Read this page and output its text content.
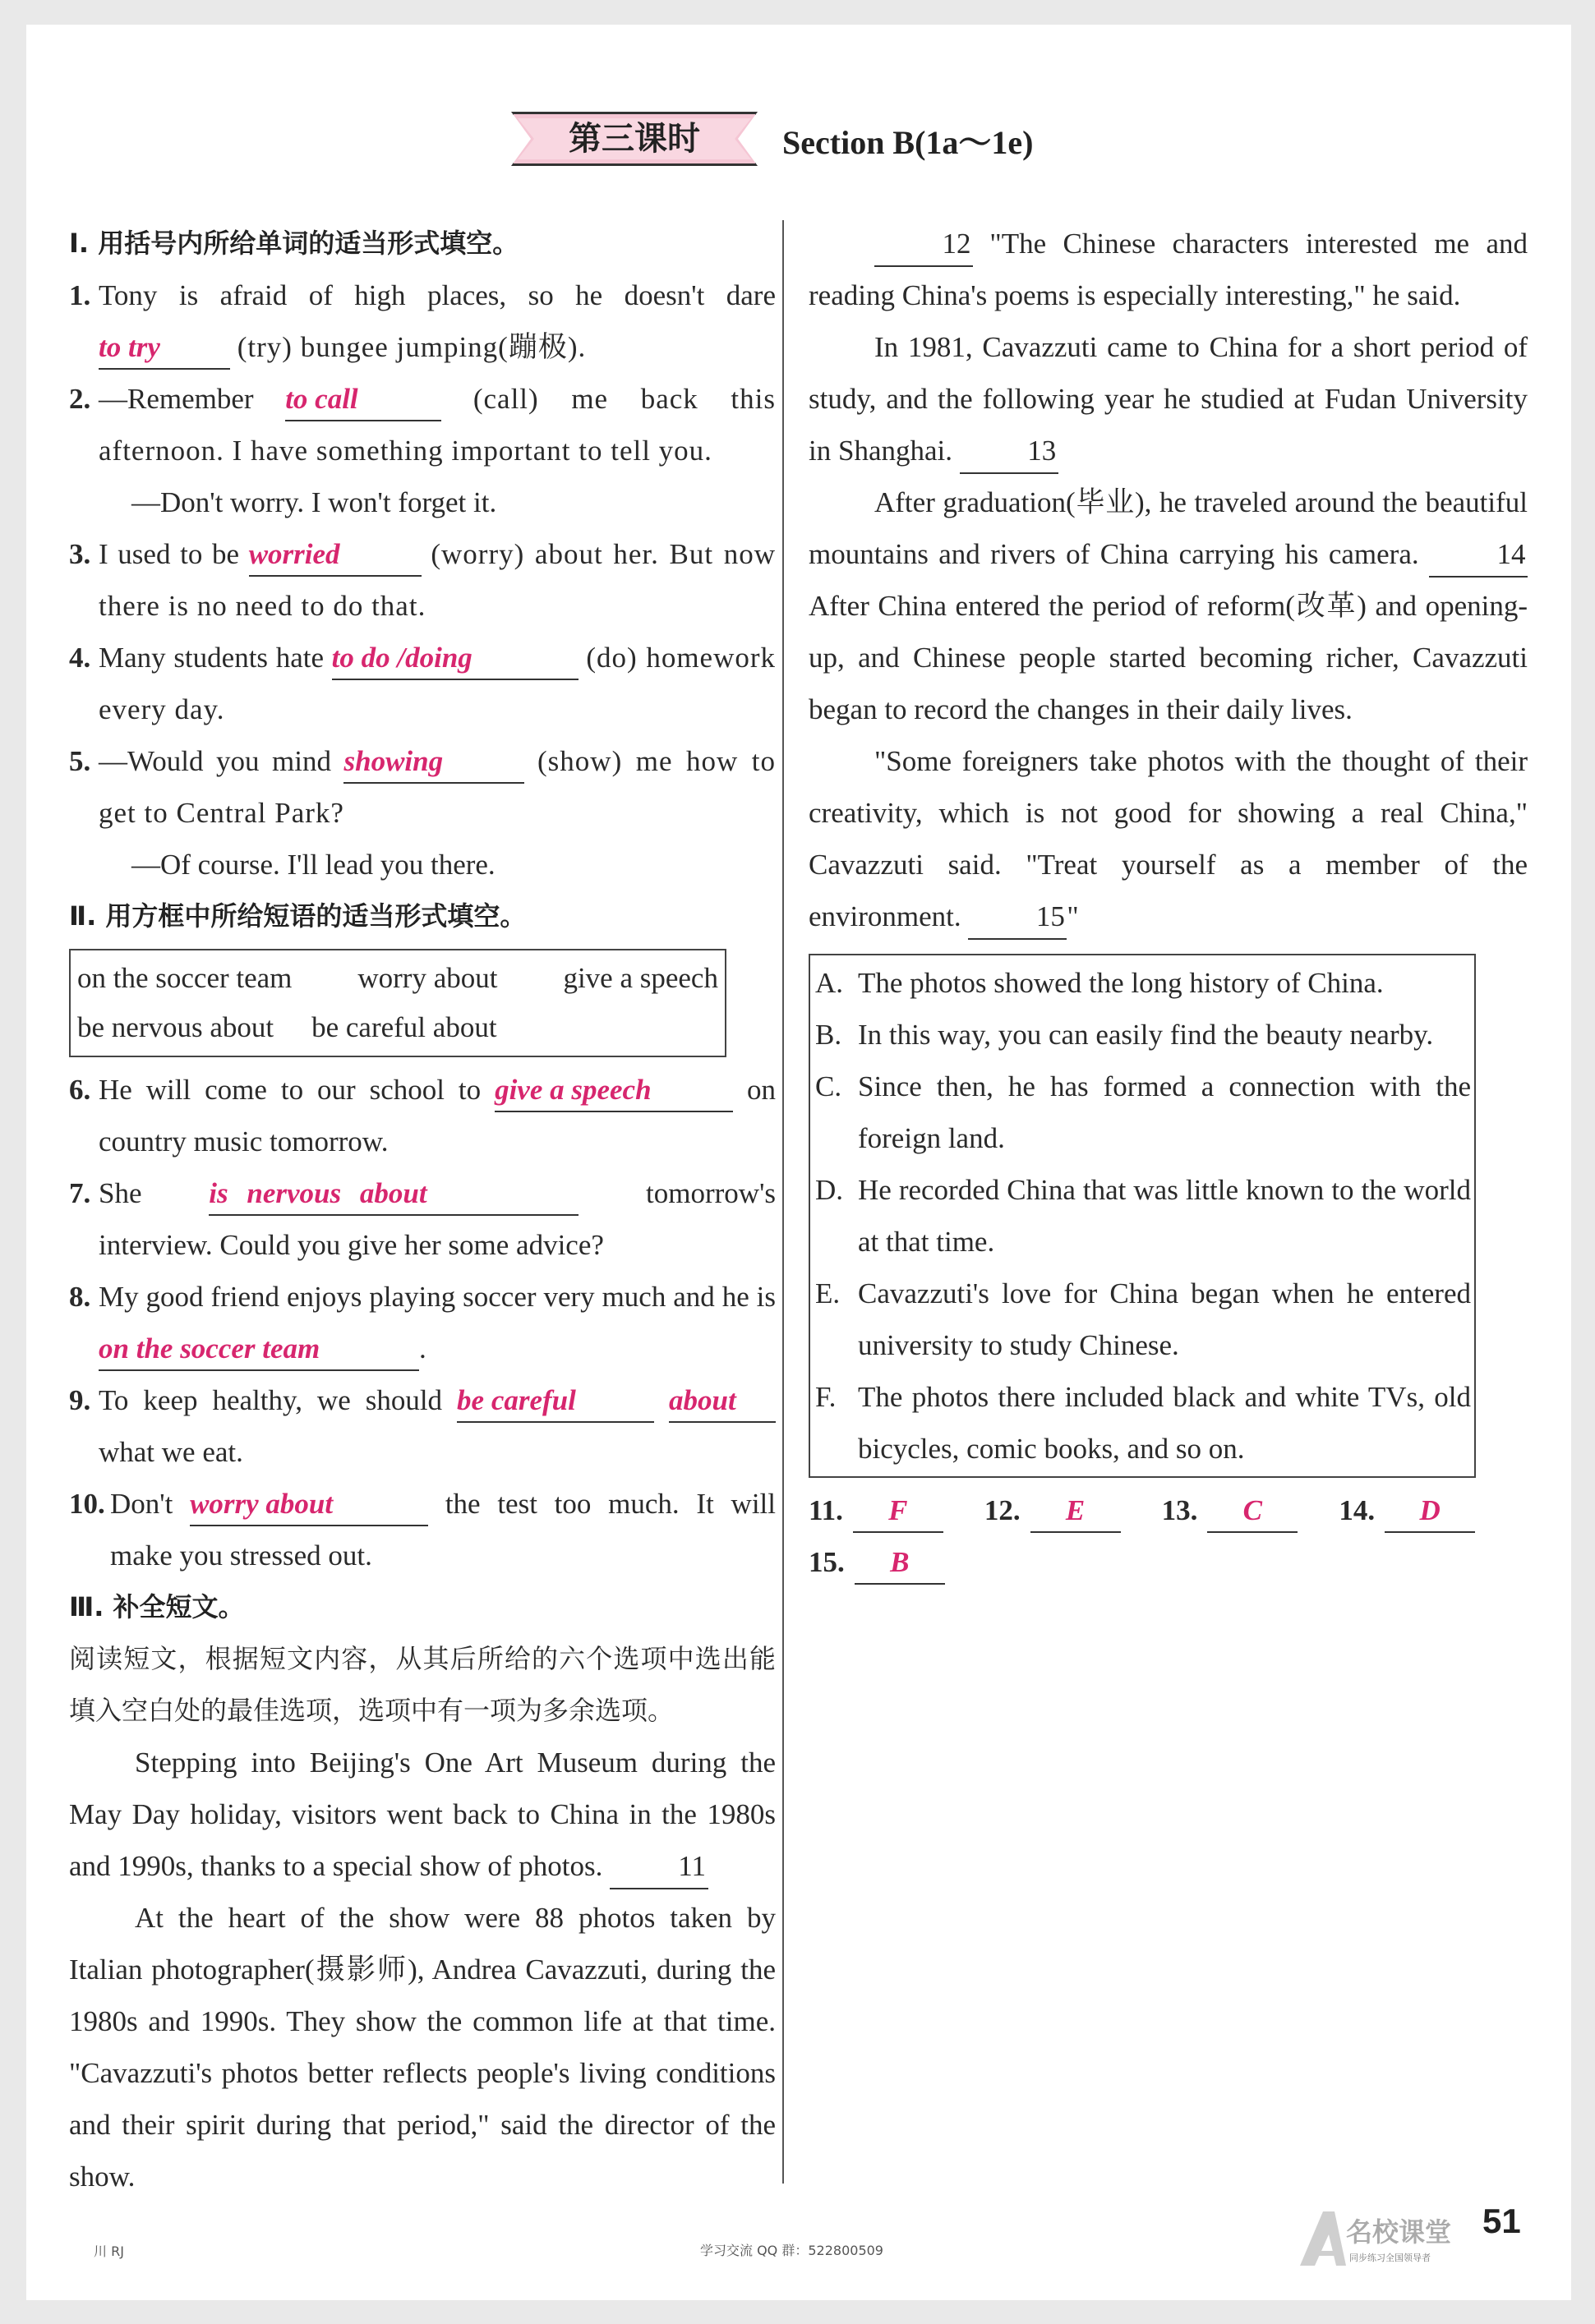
第三课时	Section B(1a～1e)
Ⅰ. 用括号内所给单词的适当形式填空。
1. Tony is afraid of high places, so he doesn't dare to try	(try) bungee jumping(蹦极).
2. —Remember to call	(call) me back this afternoon. I have something important to tell you.
—Don't worry. I won't forget it.
3. I used to be worried	(worry) about her. But now there is no need to do that.
4. Many students hate to do /doing	(do) homework every day.
5. —Would you mind showing	(show) me how to get to Central Park?
—Of course. I'll lead you there.
Ⅱ. 用方框中所给短语的适当形式填空。
on the soccer team worry about give a speech
be nervous about be careful about
6. He will come to our school to give a speech	on country music tomorrow.
7. She is nervous about	tomorrow's interview. Could you give her some advice?
8. My good friend enjoys playing soccer very much and he is on the soccer team	.
9. To keep healthy, we should be careful	about what we eat.
10. Don't worry about	the test too much. It will make you stressed out.
Ⅲ. 补全短文。
阅读短文，根据短文内容，从其后所给的六个选项中选出能填入空白处的最佳选项，选项中有一项为多余选项。
Stepping into Beijing's One Art Museum during the May Day holiday, visitors went back to China in the 1980s and 1990s, thanks to a special show of photos.	11
At the heart of the show were 88 photos taken by Italian photographer(摄影师), Andrea Cavazzuti, during the 1980s and 1990s. They show the common life at that time. "Cavazzuti's photos better reflects people's living conditions and their spirit during that period," said the director of the show.
12 "The Chinese characters interested me and reading China's poems is especially interesting," he said.
In 1981, Cavazzuti came to China for a short period of study, and the following year he studied at Fudan University in Shanghai.	13
After graduation(毕业), he traveled around the beautiful mountains and rivers of China carrying his camera.	14 After China entered the period of reform(改革) and opening-up, and Chinese people started becoming richer, Cavazzuti began to record the changes in their daily lives.
"Some foreigners take photos with the thought of their creativity, which is not good for showing a real China," Cavazzuti said. "Treat yourself as a member of the environment.	15"
A. The photos showed the long history of China.
B. In this way, you can easily find the beauty nearby.
C. Since then, he has formed a connection with the foreign land.
D. He recorded China that was little known to the world at that time.
E. Cavazzuti's love for China began when he entered university to study Chinese.
F. The photos there included black and white TVs, old bicycles, comic books, and so on.
11.	F	12.	E	13.	C	14.	D
15.	B
川 RJ	学习交流 QQ 群：522800509
名校课堂
同步练习全国领导者
51
